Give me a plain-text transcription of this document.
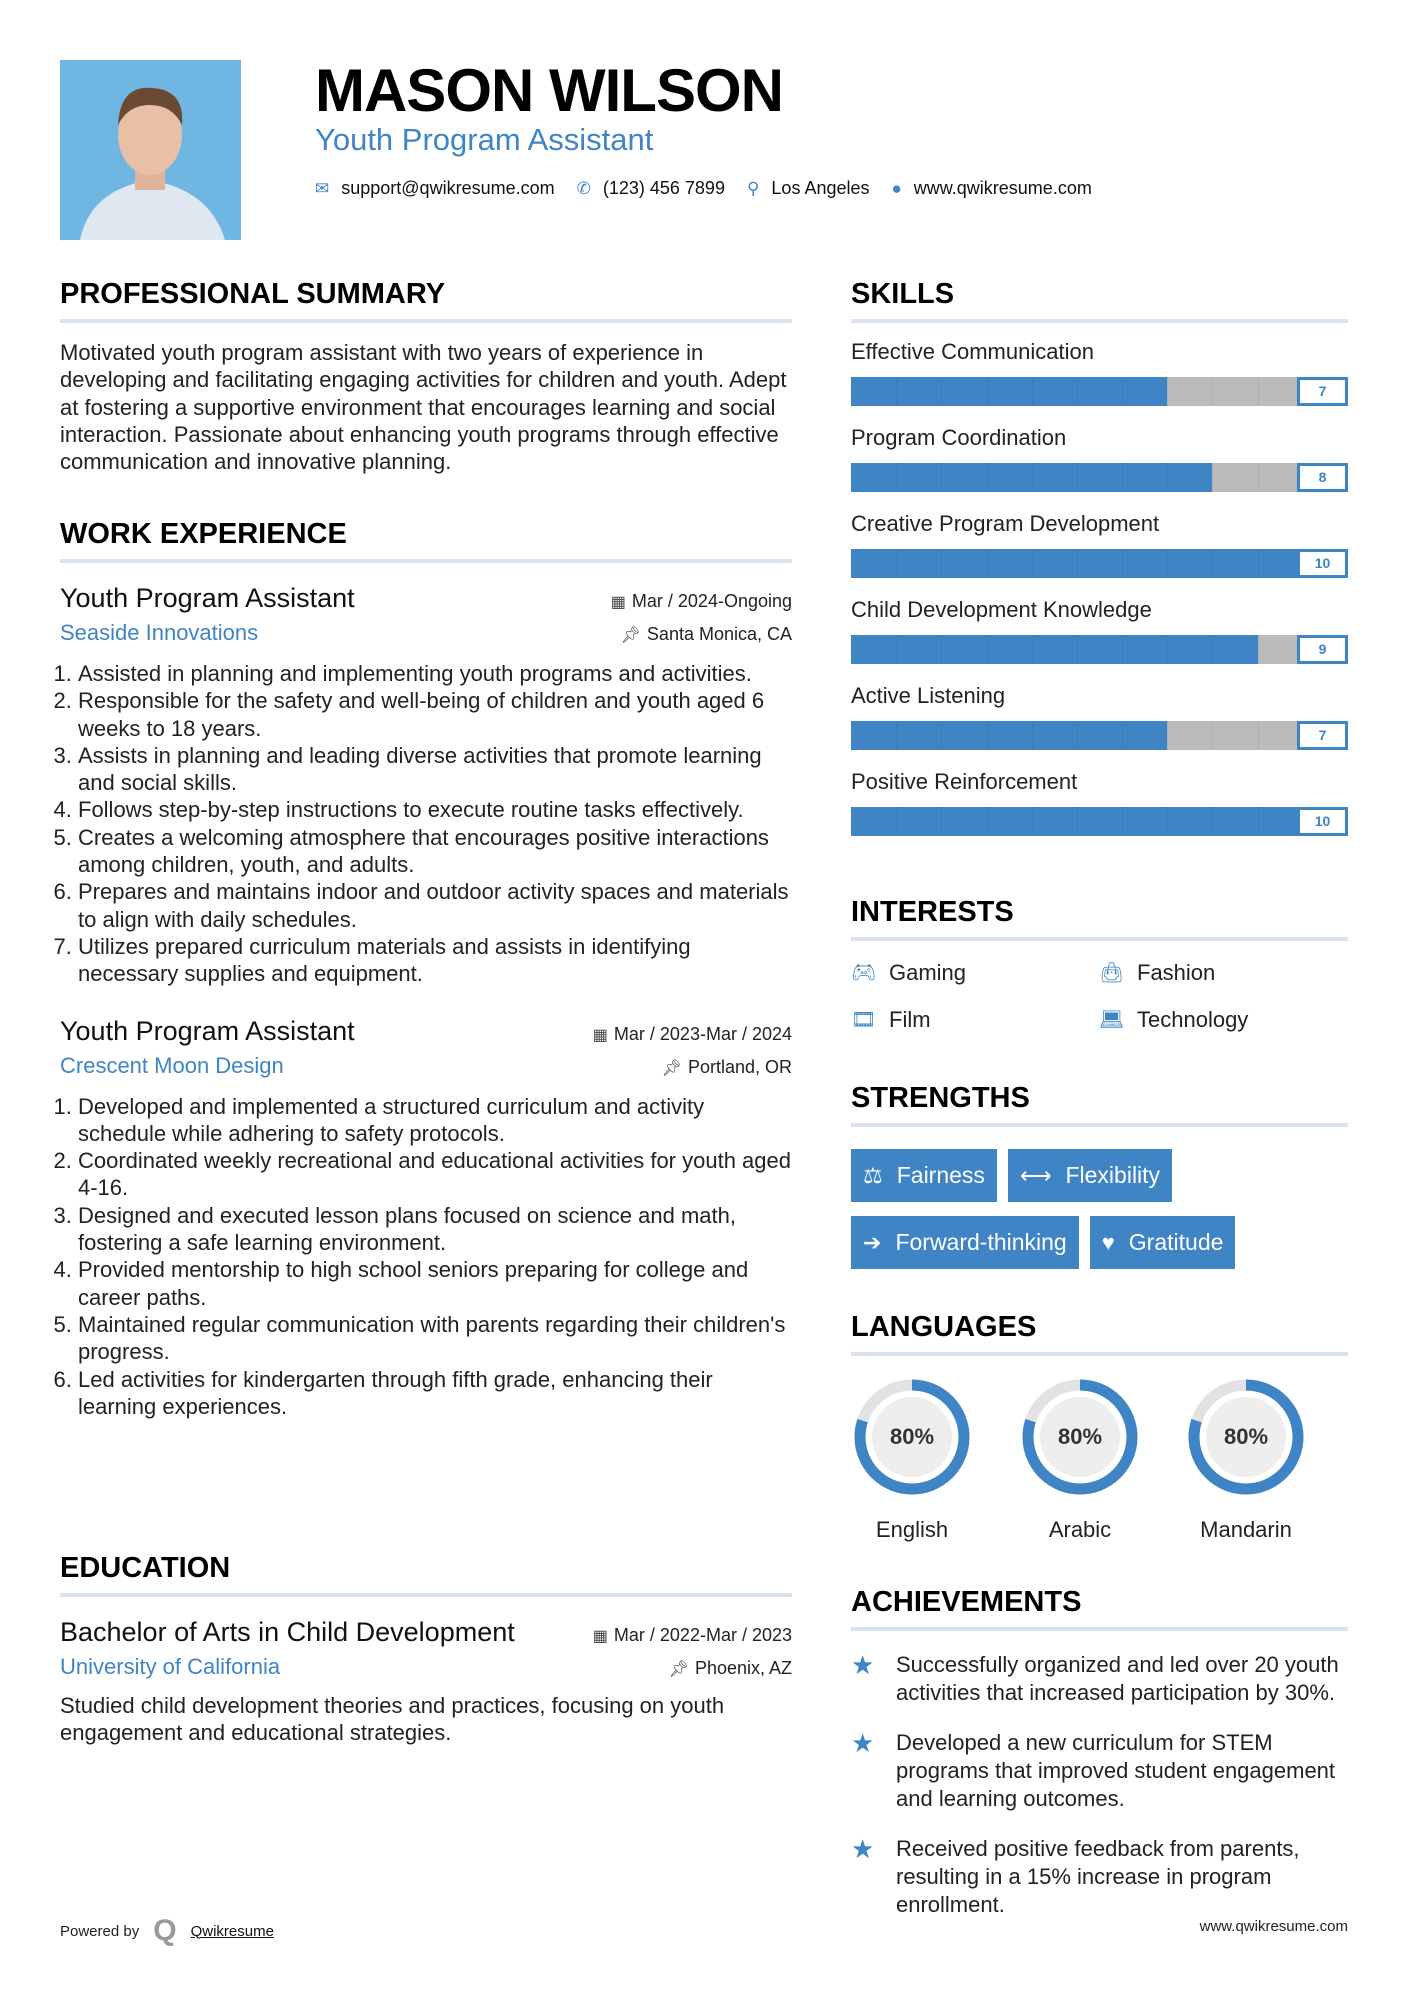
MASON WILSON
Youth Program Assistant
✉ support@qwikresume.com ✆ (123) 456 7899 ⚲ Los Angeles ● www.qwikresume.com
PROFESSIONAL SUMMARY

Motivated youth program assistant with two years of experience in developing and facilitating engaging activities for children and youth. Adept at fostering a supportive environment that encourages learning and social interaction. Passionate about enhancing youth programs through effective communication and innovative planning.

WORK EXPERIENCE
Youth Program Assistant	▦ Mar / 2024-Ongoing
Seaside Innovations	📌︎ Santa Monica, CA
1. Assisted in planning and implementing youth programs and activities.
2. Responsible for the safety and well-being of children and youth aged 6 weeks to 18 years.
3. Assists in planning and leading diverse activities that promote learning and social skills.
4. Follows step-by-step instructions to execute routine tasks effectively.
5. Creates a welcoming atmosphere that encourages positive interactions among children, youth, and adults.
6. Prepares and maintains indoor and outdoor activity spaces and materials to align with daily schedules.
7. Utilizes prepared curriculum materials and assists in identifying necessary supplies and equipment.
Youth Program Assistant	▦ Mar / 2023-Mar / 2024
Crescent Moon Design	📌︎ Portland, OR
1. Developed and implemented a structured curriculum and activity schedule while adhering to safety protocols.
2. Coordinated weekly recreational and educational activities for youth aged 4-16.
3. Designed and executed lesson plans focused on science and math, fostering a safe learning environment.
4. Provided mentorship to high school seniors preparing for college and career paths.
5. Maintained regular communication with parents regarding their children's progress.
6. Led activities for kindergarten through fifth grade, enhancing their learning experiences.
EDUCATION
Bachelor of Arts in Child Development	▦ Mar / 2022-Mar / 2023
University of California	📌︎ Phoenix, AZ

Studied child development theories and practices, focusing on youth engagement and educational strategies.

Powered by Q Qwikresume	www.qwikresume.com
SKILLS
Effective Communication
7
Program Coordination
8
Creative Program Development
10
Child Development Knowledge
9
Active Listening
7
Positive Reinforcement
10
INTERESTS
🎮︎ Gaming	👜︎ Fashion
🎞︎ Film	💻︎ Technology
STRENGTHS
⚖ Fairness ⟷ Flexibility

➔ Forward-thinking ♥ Gratitude
LANGUAGES
80%
English
80%
Arabic
80%
Mandarin
ACHIEVEMENTS
★ Successfully organized and led over 20 youth activities that increased participation by 30%.
★ Developed a new curriculum for STEM programs that improved student engagement and learning outcomes.
★ Received positive feedback from parents, resulting in a 15% increase in program enrollment.
